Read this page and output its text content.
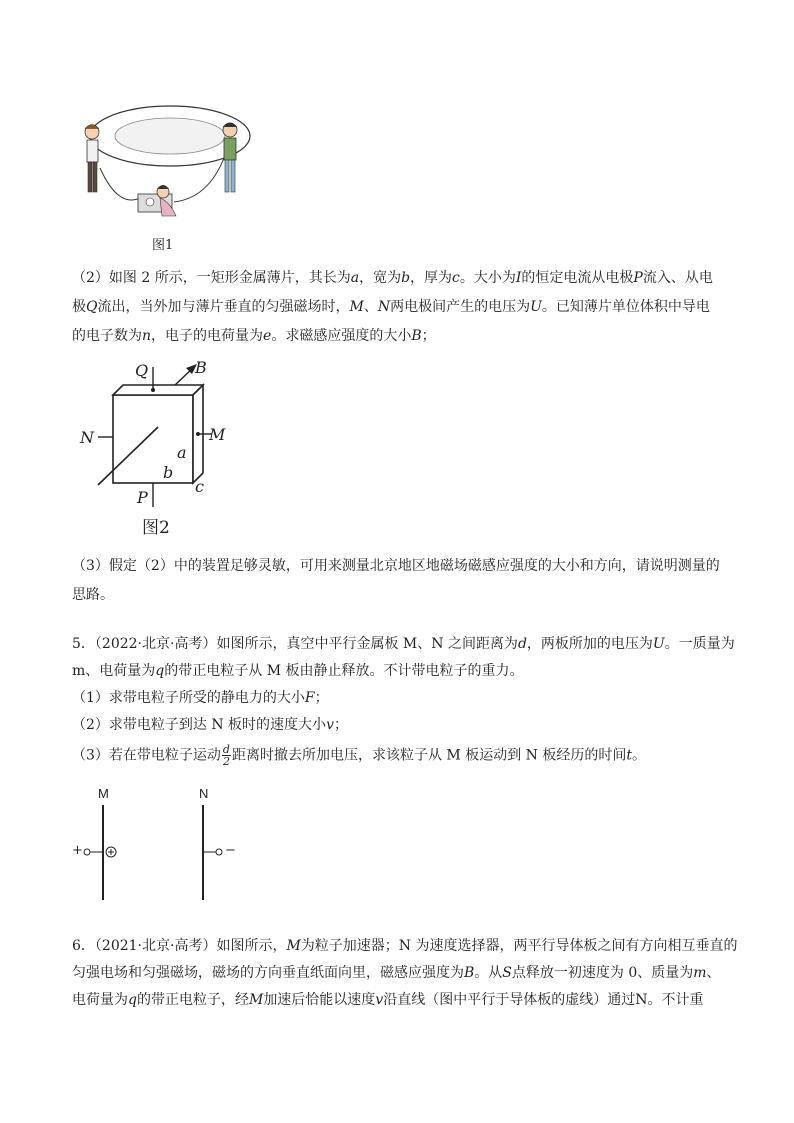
图1
（2）如图 2 所示，一矩形金属薄片，其长为a，宽为b，厚为c。大小为I的恒定电流从电极P流入、从电
极Q流出，当外加与薄片垂直的匀强磁场时，M、N两电极间产生的电压为U。已知薄片单位体积中导电
的电子数为n，电子的电荷量为e。求磁感应强度的大小B；
Q	B
N	M
a
b
c
P
图2
（3）假定（2）中的装置足够灵敏，可用来测量北京地区地磁场磁感应强度的大小和方向，请说明测量的
思路。
5．（2022·北京·高考）如图所示，真空中平行金属板 M、N 之间距离为d，两板所加的电压为U。一质量为
m、电荷量为q的带正电粒子从 M 板由静止释放。不计带电粒子的重力。
（1）求带电粒子所受的静电力的大小F；
（2）求带电粒子到达 N 板时的速度大小v；
（3）若在带电粒子运动 $\frac{d}{2}$ 距离时撤去所加电压，求该粒子从 M 板运动到 N 板经历的时间t。
M	N
+	−
6．（2021·北京·高考）如图所示，M为粒子加速器；N 为速度选择器，两平行导体板之间有方向相互垂直的
匀强电场和匀强磁场，磁场的方向垂直纸面向里，磁感应强度为B。从S点释放一初速度为 0、质量为m、
电荷量为q的带正电粒子，经M加速后恰能以速度v沿直线（图中平行于导体板的虚线）通过N。不计重
